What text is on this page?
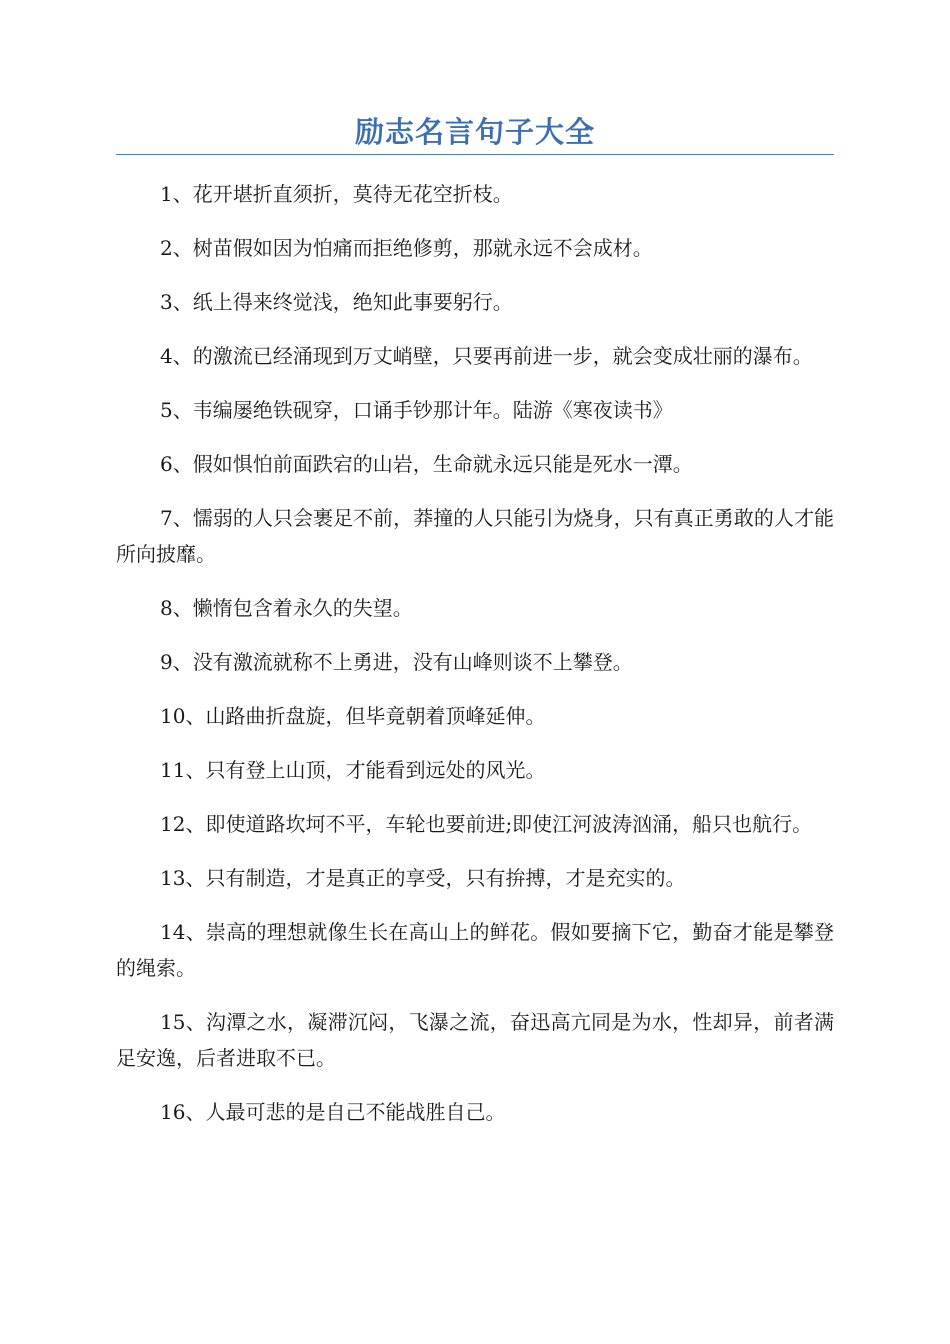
励志名言句子大全

1、花开堪折直须折，莫待无花空折枝。

2、树苗假如因为怕痛而拒绝修剪，那就永远不会成材。

3、纸上得来终觉浅，绝知此事要躬行。

4、的激流已经涌现到万丈峭壁，只要再前进一步，就会变成壮丽的瀑布。

5、韦编屡绝铁砚穿，口诵手钞那计年。陆游《寒夜读书》

6、假如惧怕前面跌宕的山岩，生命就永远只能是死水一潭。

7、懦弱的人只会裹足不前，莽撞的人只能引为烧身，只有真正勇敢的人才能所向披靡。

8、懒惰包含着永久的失望。

9、没有激流就称不上勇进，没有山峰则谈不上攀登。

10、山路曲折盘旋，但毕竟朝着顶峰延伸。

11、只有登上山顶，才能看到远处的风光。

12、即使道路坎坷不平，车轮也要前进;即使江河波涛汹涌，船只也航行。

13、只有制造，才是真正的享受，只有拚搏，才是充实的。

14、崇高的理想就像生长在高山上的鲜花。假如要摘下它，勤奋才能是攀登的绳索。

15、沟潭之水，凝滞沉闷，飞瀑之流，奋迅高亢同是为水，性却异，前者满足安逸，后者进取不已。

16、人最可悲的是自己不能战胜自己。
